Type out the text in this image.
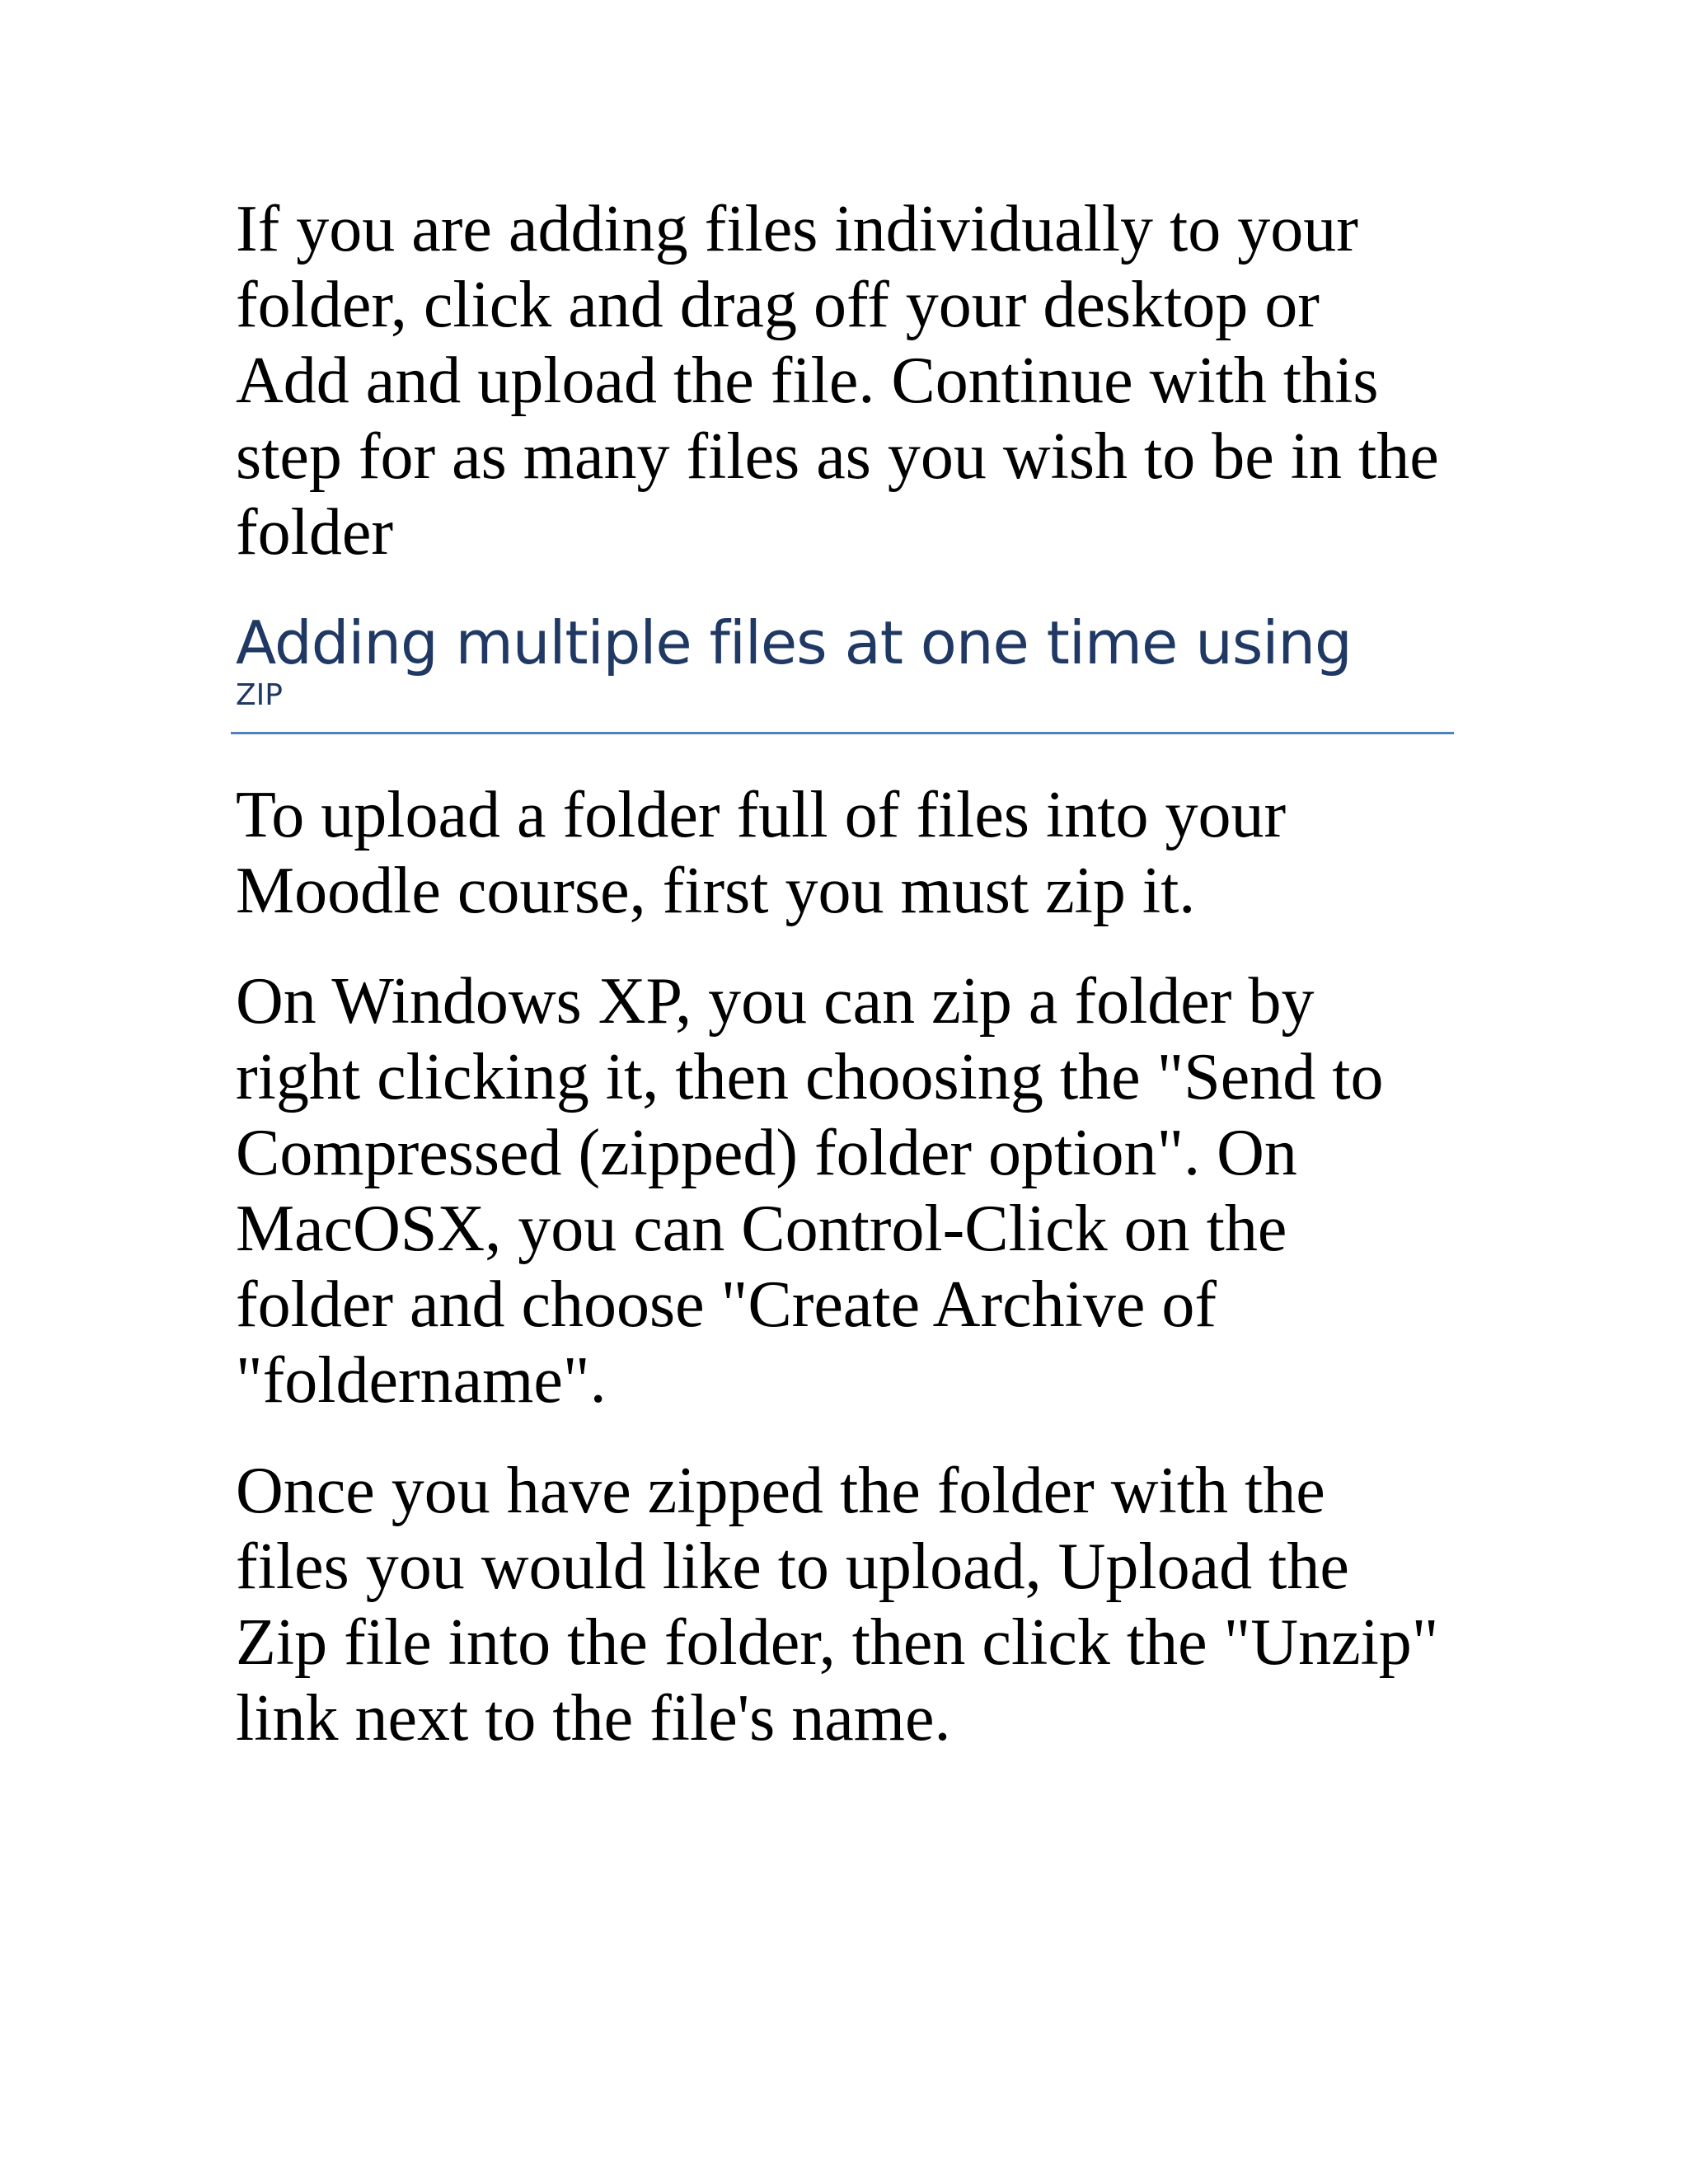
If you are adding files individually to your
folder, click and drag off your desktop or
Add and upload the file. Continue with this
step for as many files as you wish to be in the
folder

Adding multiple files at one time using

ZIP

To upload a folder full of files into your
Moodle course, first you must zip it.

On Windows XP, you can zip a folder by
right clicking it, then choosing the "Send to
Compressed (zipped) folder option". On
MacOSX, you can Control-Click on the
folder and choose "Create Archive of
"foldername".

Once you have zipped the folder with the
files you would like to upload, Upload the
Zip file into the folder, then click the "Unzip"
link next to the file's name.
